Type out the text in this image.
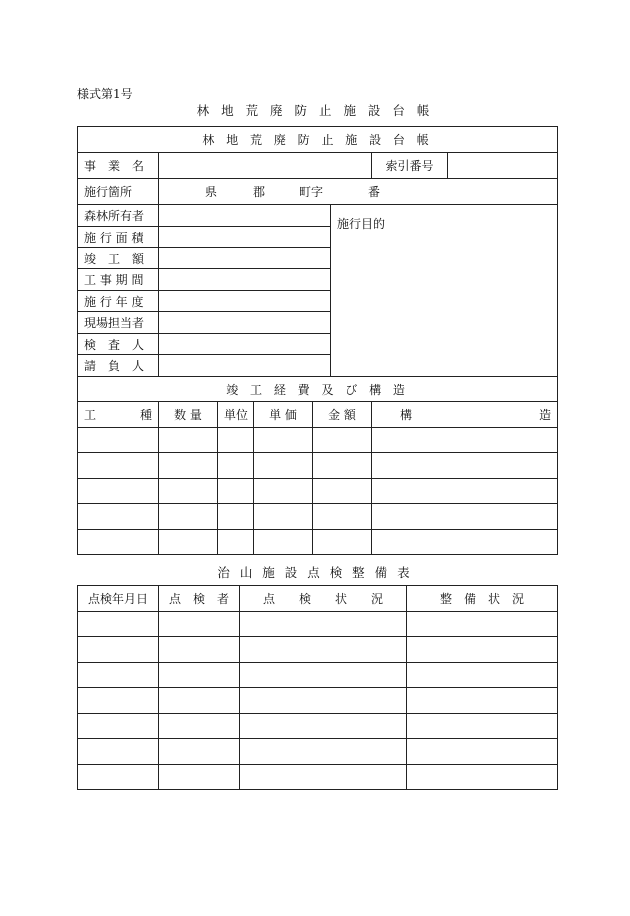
様式第1号
林 地 荒 廃 防 止 施 設 台 帳
林 地 荒 廃 防 止 施 設 台 帳							
事　業　名						索引番号	
施行箇所	県 郡 町字 番						

森林所有者					施行目的		
施 行 面 積							
竣　工　額							
工 事 期 間							
施 行 年 度							
現場担当者							
検　査　人							
請　負　人							
竣 工 経 費 及 び 構 造							

工 種	数 量	単位	単 価	金 額		構 造	

治 山 施 設 点 検 整 備 表
点検年月日	点　検　者	点　　検　　状　　況	整　備　状　況
